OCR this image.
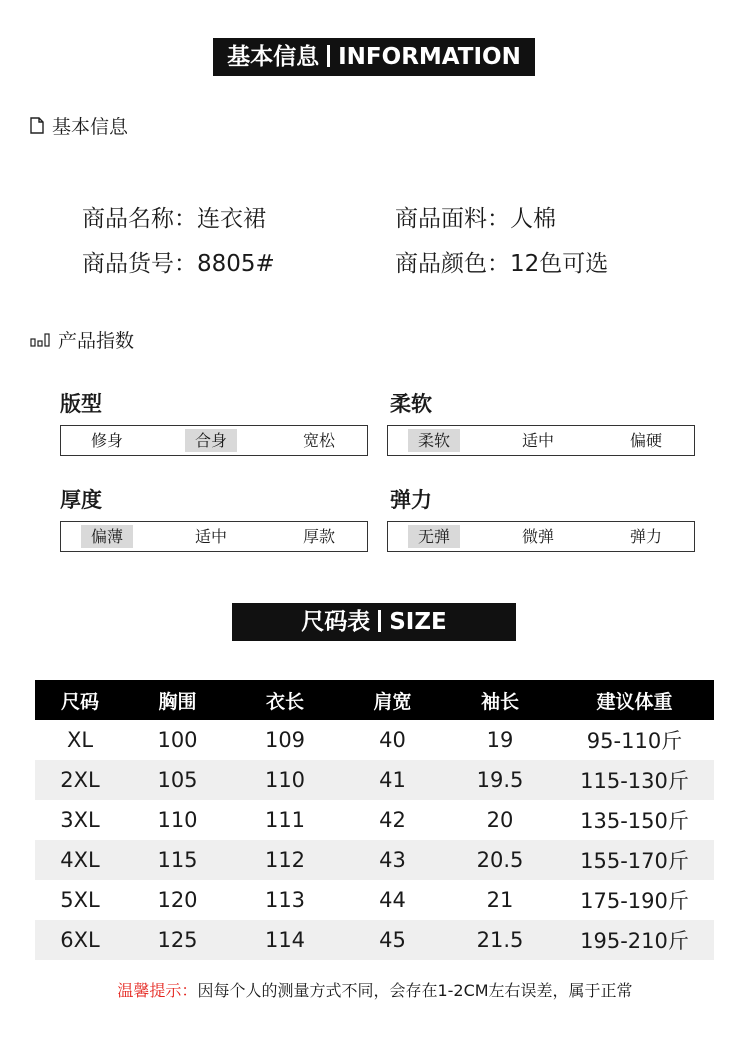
基本信息 INFORMATION
基本信息
商品名称：连衣裙	商品面料：人棉
商品货号：8805#	商品颜色：12色可选
产品指数
版型
修身	合身	宽松
柔软
柔软	适中	偏硬
厚度
偏薄	适中	厚款
弹力
无弹	微弹	弹力
尺码表 SIZE
尺码	胸围	衣长	肩宽	袖长	建议体重
XL	100	109	40	19	95-110斤
2XL	105	110	41	19.5	115-130斤
3XL	110	111	42	20	135-150斤
4XL	115	112	43	20.5	155-170斤
5XL	120	113	44	21	175-190斤
6XL	125	114	45	21.5	195-210斤
温馨提示：因每个人的测量方式不同，会存在1-2CM左右误差，属于正常
